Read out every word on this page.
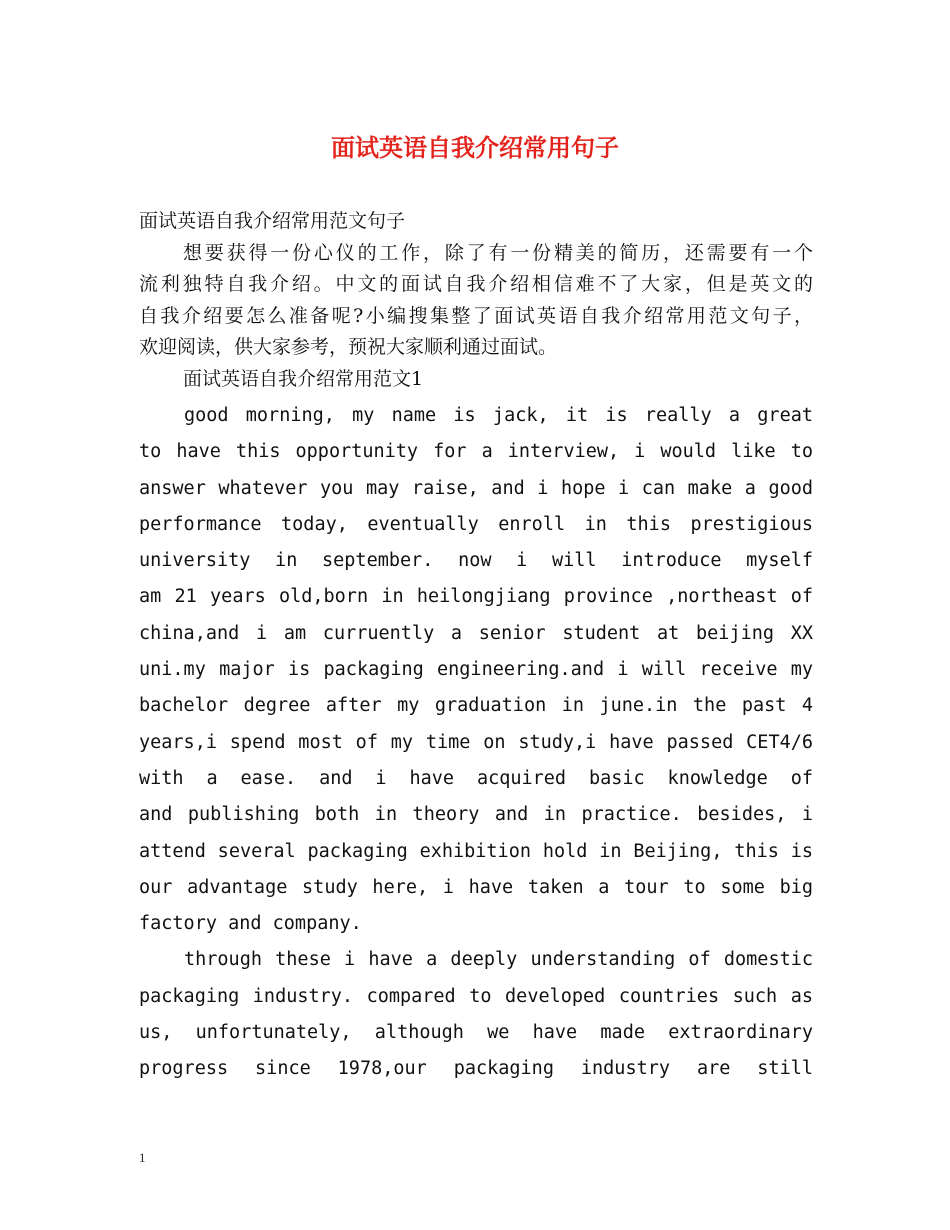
面试英语自我介绍常用句子

面试英语自我介绍常用范文句子

想要获得一份心仪的工作，除了有一份精美的简历，还需要有一个

流利独特自我介绍。中文的面试自我介绍相信难不了大家，但是英文的

自我介绍要怎么准备呢?小编搜集整了面试英语自我介绍常用范文句子，

欢迎阅读，供大家参考，预祝大家顺利通过面试。

面试英语自我介绍常用范文1

good morning, my name is jack, it is really a great

to have this opportunity for a interview, i would like to

answer whatever you may raise, and i hope i can make a good

performance today, eventually enroll in this prestigious

university in september. now i will introduce myself

am 21 years old,born in heilongjiang province ,northeast of

china,and i am curruently a senior student at beijing XX

uni.my major is packaging engineering.and i will receive my

bachelor degree after my graduation in june.in the past 4

years,i spend most of my time on study,i have passed CET4/6

with a ease. and i have acquired basic knowledge of

and publishing both in theory and in practice. besides, i

attend several packaging exhibition hold in Beijing, this is

our advantage study here, i have taken a tour to some big

factory and company.

through these i have a deeply understanding of domestic

packaging industry. compared to developed countries such as

us, unfortunately, although we have made extraordinary

progress since 1978,our packaging industry are still

1
